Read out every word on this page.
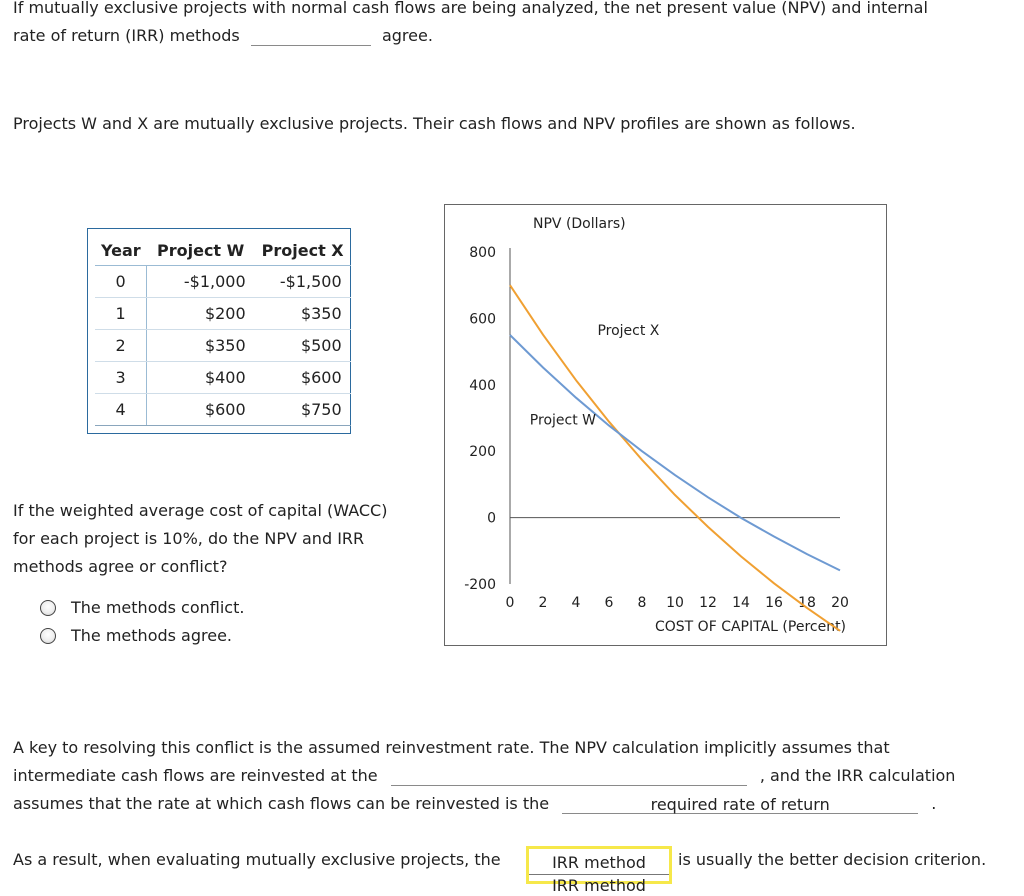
If mutually exclusive projects with normal cash flows are being analyzed, the net present value (NPV) and internal
rate of return (IRR) methods	agree.
Projects W and X are mutually exclusive projects. Their cash flows and NPV profiles are shown as follows.
Year	Project W	Project X
0	-$1,000	-$1,500
1	$200	$350
2	$350	$500
3	$400	$600
4	$600	$750
If the weighted average cost of capital (WACC)
for each project is 10%, do the NPV and IRR
methods agree or conflict?
The methods conflict.
The methods agree.
NPV (Dollars)
COST OF CAPITAL (Percent)
800
600
400
200
0
-200
0 2 4 6 8 10 12 14 16 18 20
Project X
Project W
A key to resolving this conflict is the assumed reinvestment rate. The NPV calculation implicitly assumes that
intermediate cash flows are reinvested at the	, and the IRR calculation
assumes that the rate at which cash flows can be reinvested is the	required rate of return	.
As a result, when evaluating mutually exclusive projects, the	IRR method
IRR method
is usually the better decision criterion.
